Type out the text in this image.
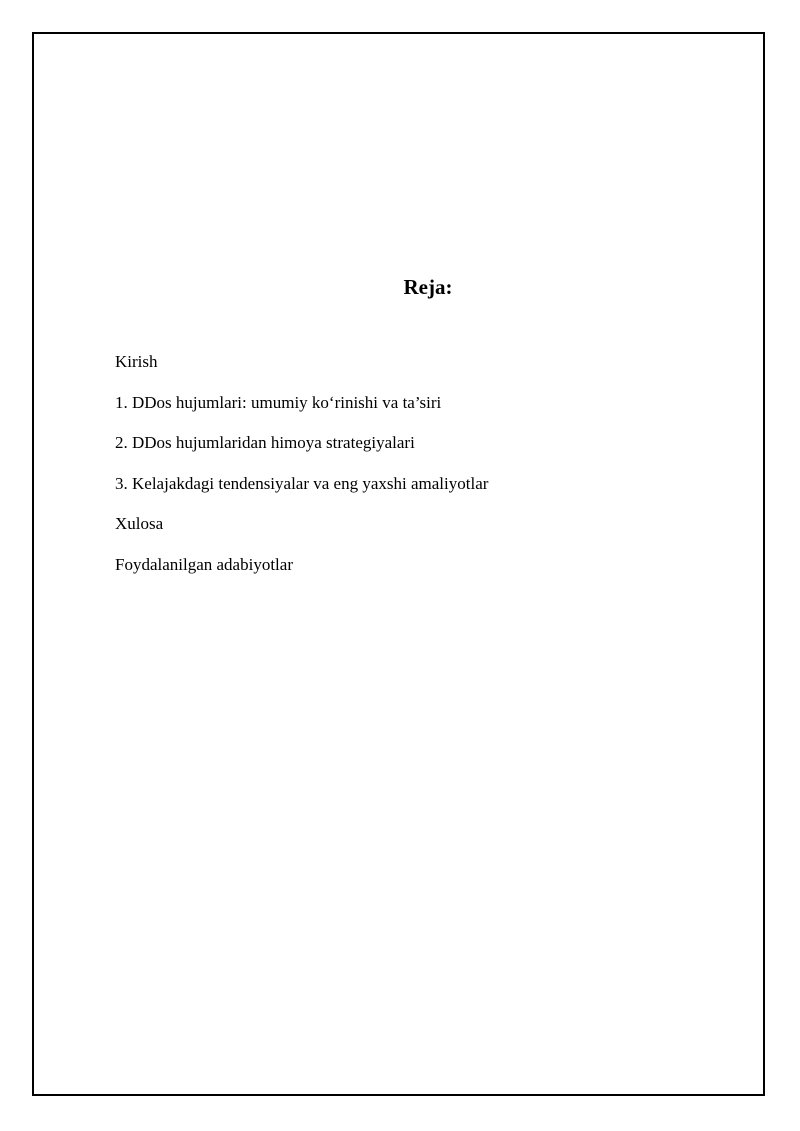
Reja:
Kirish
1. DDos hujumlari: umumiy ko‘rinishi va ta’siri
2. DDos hujumlaridan himoya strategiyalari
3. Kelajakdagi tendensiyalar va eng yaxshi amaliyotlar
Xulosa
Foydalanilgan adabiyotlar
